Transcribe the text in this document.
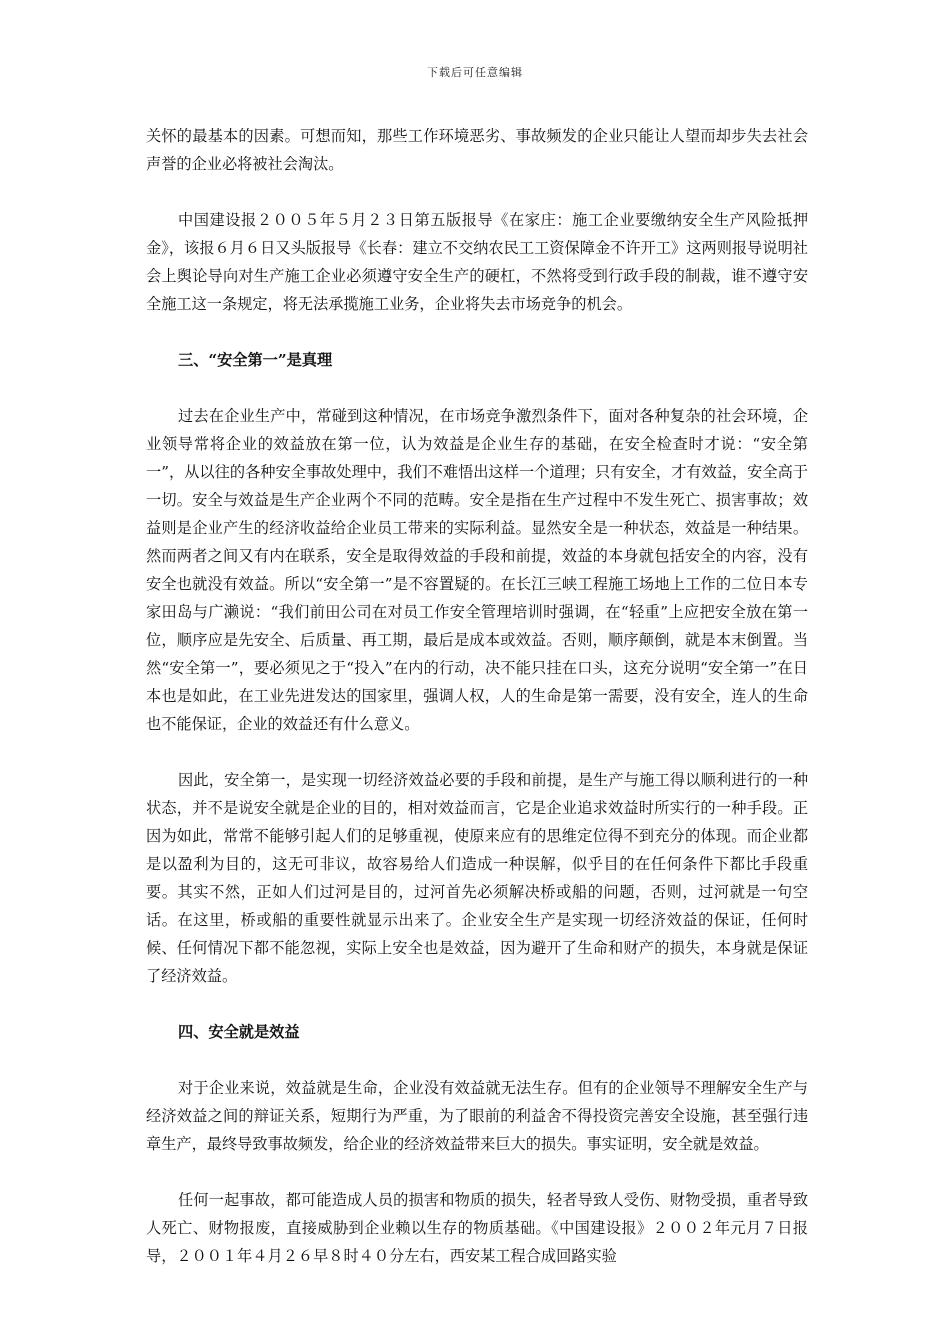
下载后可任意编辑

关怀的最基本的因素。可想而知，那些工作环境恶劣、事故频发的企业只能让人望而却步失去社会声誉的企业必将被社会淘汰。

中国建设报２００５年５月２３日第五版报导《在家庄：施工企业要缴纳安全生产风险抵押金》，该报６月６日又头版报导《长春：建立不交纳农民工工资保障金不许开工》这两则报导说明社会上舆论导向对生产施工企业必须遵守安全生产的硬杠，不然将受到行政手段的制裁，谁不遵守安全施工这一条规定，将无法承揽施工业务，企业将失去市场竞争的机会。

三、“安全第一”是真理

过去在企业生产中，常碰到这种情况，在市场竞争激烈条件下，面对各种复杂的社会环境，企业领导常将企业的效益放在第一位，认为效益是企业生存的基础，在安全检查时才说：“安全第一”，从以往的各种安全事故处理中，我们不难悟出这样一个道理；只有安全，才有效益，安全高于一切。安全与效益是生产企业两个不同的范畴。安全是指在生产过程中不发生死亡、损害事故；效益则是企业产生的经济收益给企业员工带来的实际利益。显然安全是一种状态，效益是一种结果。然而两者之间又有内在联系，安全是取得效益的手段和前提，效益的本身就包括安全的内容，没有安全也就没有效益。所以“安全第一”是不容置疑的。在长江三峡工程施工场地上工作的二位日本专家田岛与广濑说：“我们前田公司在对员工作安全管理培训时强调，在“轻重”上应把安全放在第一位，顺序应是先安全、后质量、再工期，最后是成本或效益。否则，顺序颠倒，就是本末倒置。当然“安全第一”，要必须见之于“投入”在内的行动，决不能只挂在口头，这充分说明“安全第一”在日本也是如此，在工业先进发达的国家里，强调人权，人的生命是第一需要，没有安全，连人的生命也不能保证，企业的效益还有什么意义。

因此，安全第一，是实现一切经济效益必要的手段和前提，是生产与施工得以顺利进行的一种状态，并不是说安全就是企业的目的，相对效益而言，它是企业追求效益时所实行的一种手段。正因为如此，常常不能够引起人们的足够重视，使原来应有的思维定位得不到充分的体现。而企业都是以盈利为目的，这无可非议，故容易给人们造成一种误解，似乎目的在任何条件下都比手段重要。其实不然，正如人们过河是目的，过河首先必须解决桥或船的问题，否则，过河就是一句空话。在这里，桥或船的重要性就显示出来了。企业安全生产是实现一切经济效益的保证，任何时候、任何情况下都不能忽视，实际上安全也是效益，因为避开了生命和财产的损失，本身就是保证了经济效益。

四、安全就是效益

对于企业来说，效益就是生命，企业没有效益就无法生存。但有的企业领导不理解安全生产与经济效益之间的辩证关系，短期行为严重，为了眼前的利益舍不得投资完善安全设施，甚至强行违章生产，最终导致事故频发，给企业的经济效益带来巨大的损失。事实证明，安全就是效益。

任何一起事故，都可能造成人员的损害和物质的损失，轻者导致人受伤、财物受损，重者导致人死亡、财物报废，直接威胁到企业赖以生存的物质基础。《中国建设报》２００２年元月７日报导，２００１年４月２６早８时４０分左右，西安某工程合成回路实验
